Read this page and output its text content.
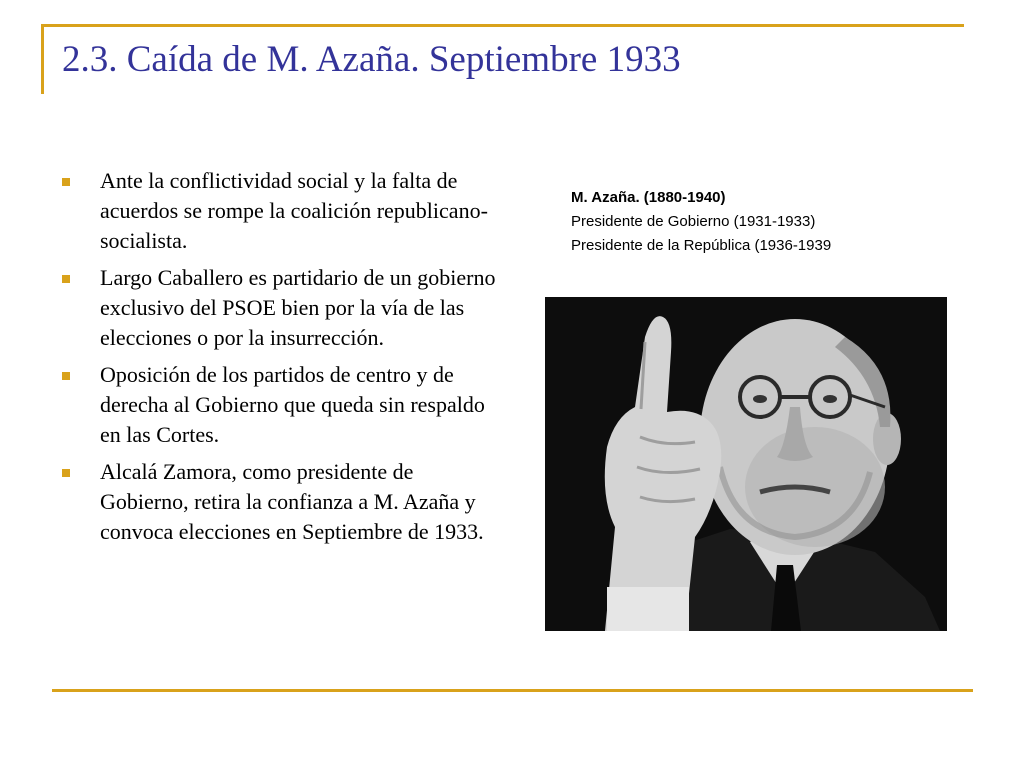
2.3. Caída de M. Azaña. Septiembre 1933
Ante la conflictividad social y la falta de acuerdos se rompe la coalición republicano-socialista.
Largo Caballero es partidario de un gobierno exclusivo del PSOE bien por la vía de las elecciones o por la insurrección.
Oposición de los partidos de centro y de derecha al Gobierno que queda sin respaldo en las Cortes.
Alcalá Zamora, como presidente de Gobierno, retira la confianza a M. Azaña y convoca elecciones en Septiembre de 1933.
M. Azaña. (1880-1940)
Presidente de Gobierno (1931-1933)
Presidente de la República (1936-1939
